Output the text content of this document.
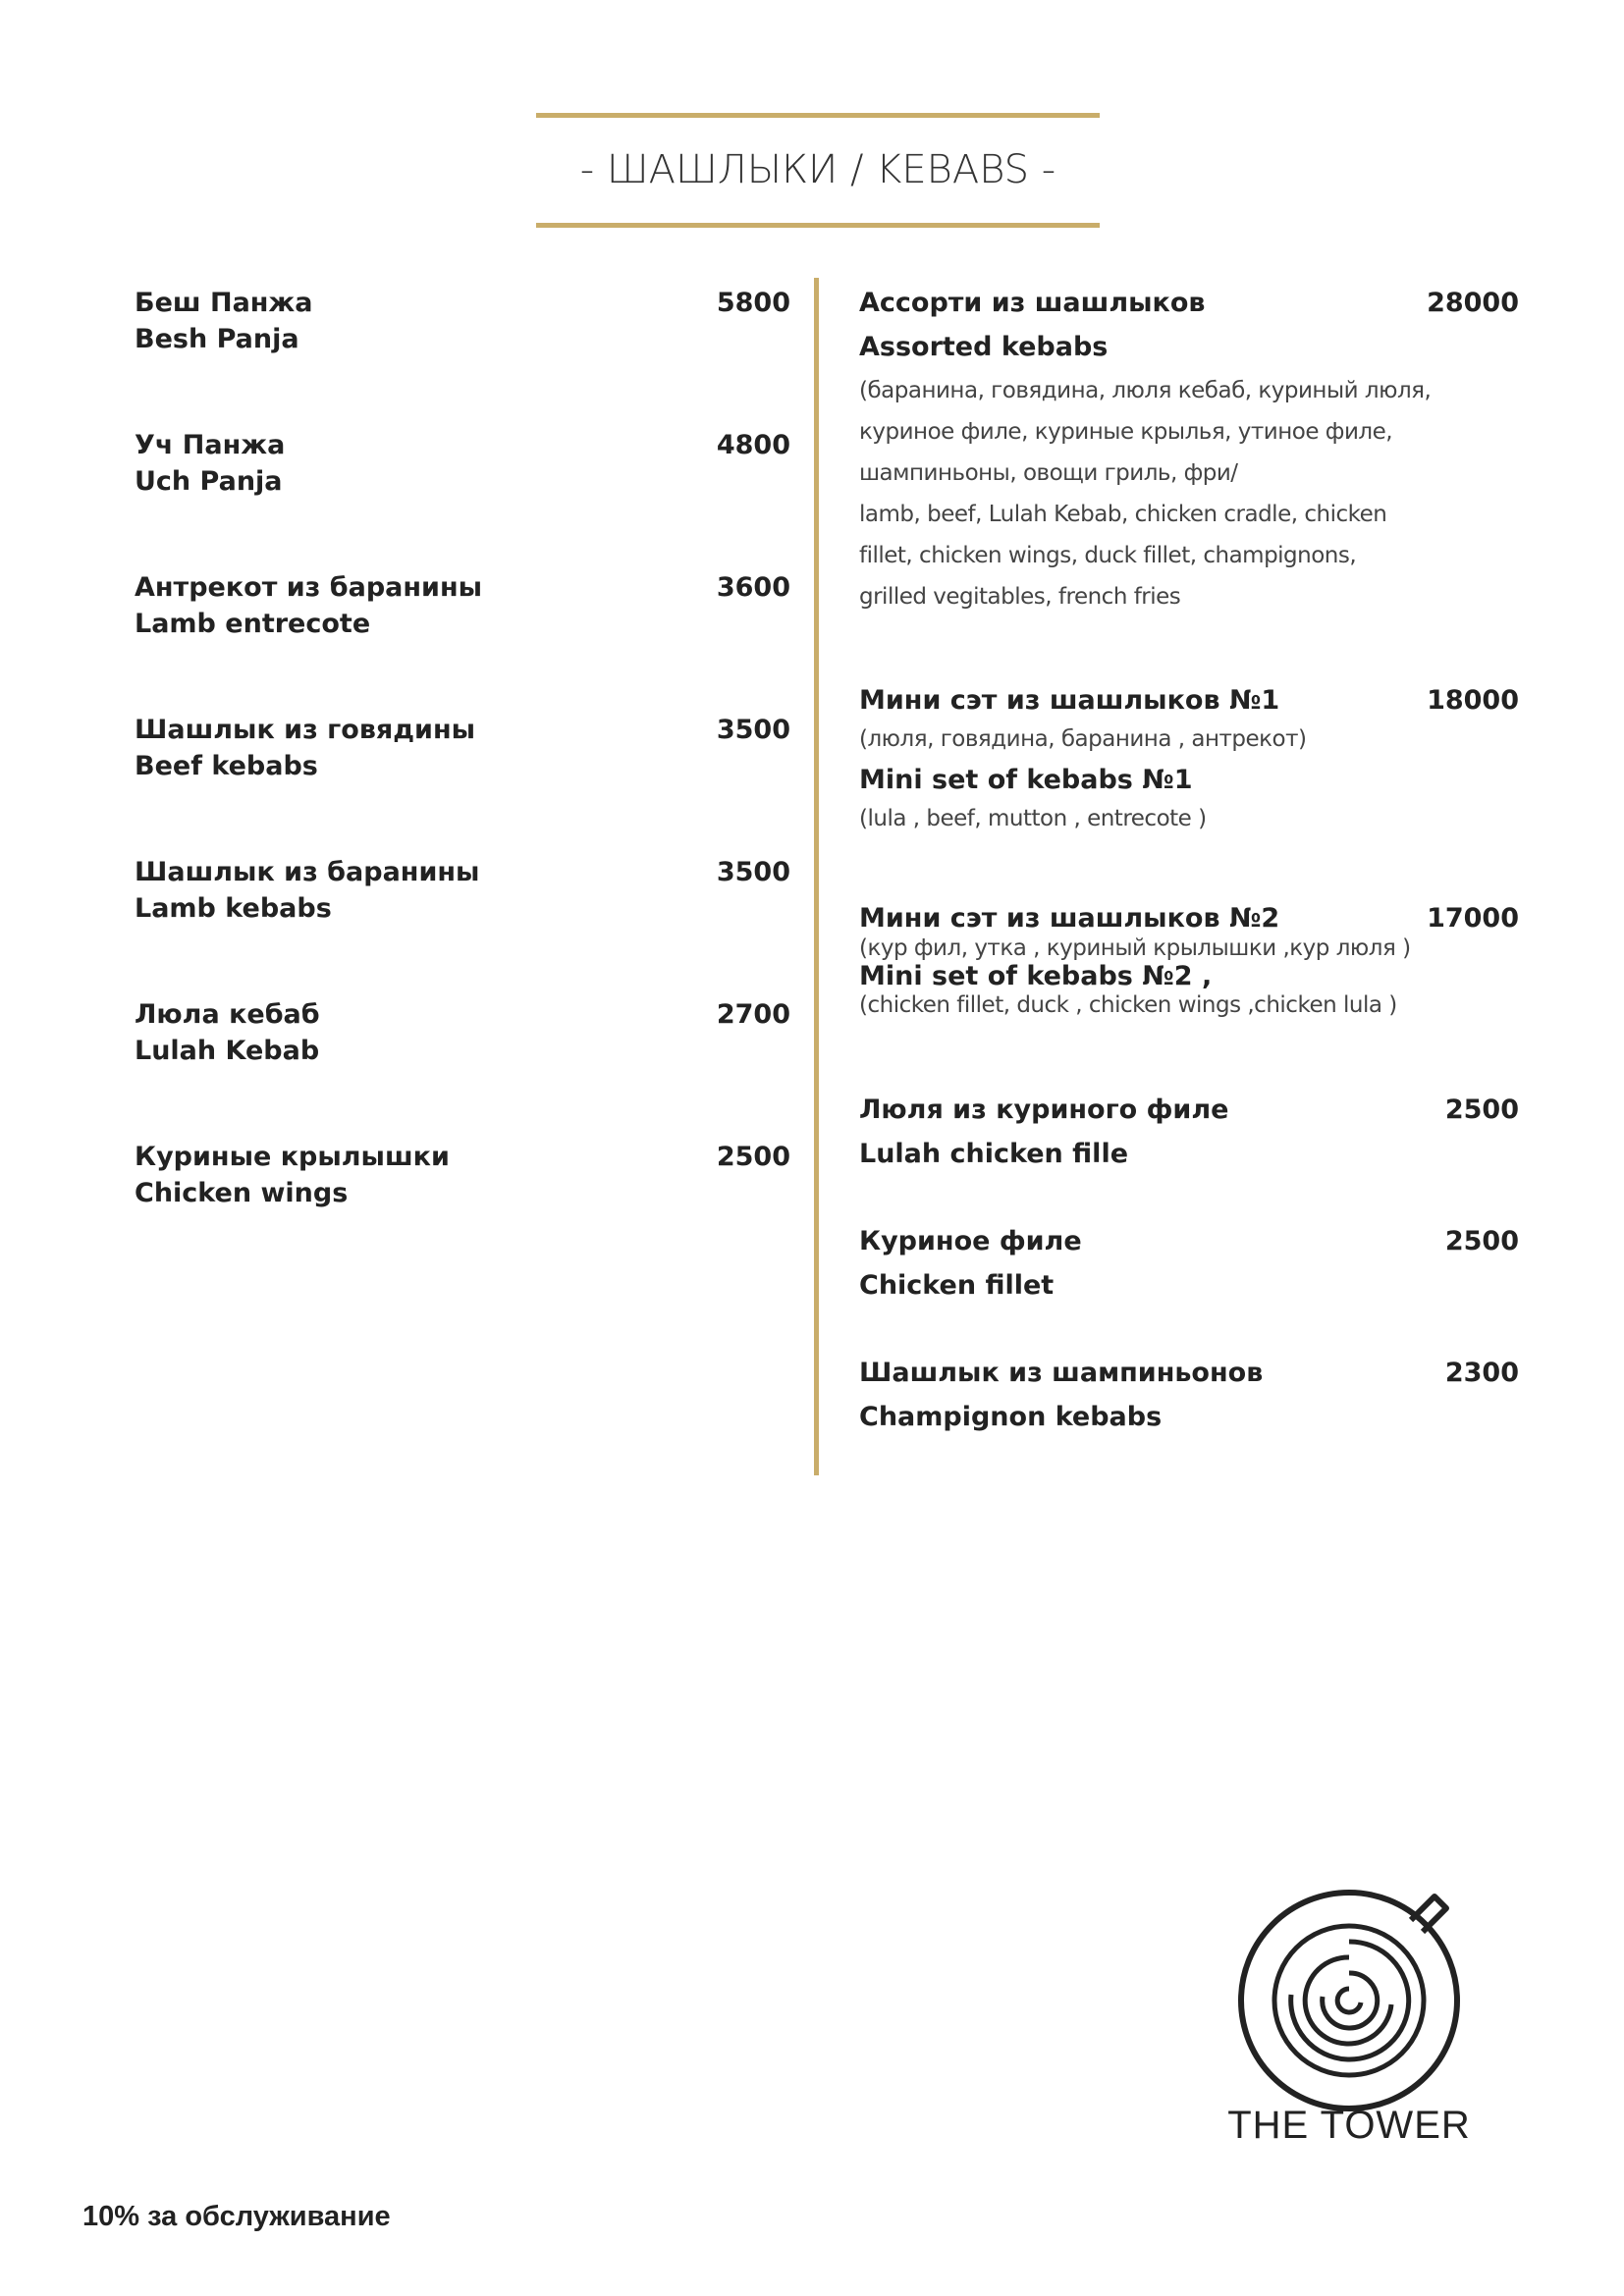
- ШАШЛЫКИ / KEBABS -
Беш Панжа
Besh Panja
5800
Уч Панжа
Uch Panja
4800
Антрекот из баранины
Lamb entrecote
3600
Шашлык из говядины
Beef kebabs
3500
Шашлык из баранины
Lamb kebabs
3500
Люла кебаб
Lulah Kebab
2700
Куриные крылышки
Chicken wings
2500
Ассорти из шашлыков
Assorted kebabs
(баранина, говядина, люля кебаб, куриный люля,
куриное филе, куриные крылья, утиное филе,
шампиньоны, овощи гриль, фри/
lamb, beef, Lulah Kebab, chicken cradle, chicken
fillet, chicken wings, duck fillet, champignons,
grilled vegitables, french fries
28000
Мини сэт из шашлыков №1
(люля, говядина, баранина , антрекот)
Mini set of kebabs №1
(lula , beef, mutton , entrecote )
18000
Мини сэт из шашлыков №2
(кур фил, утка , куриный крылышки ,кур люля )
Mini set of kebabs №2 ,
(chicken fillet, duck , chicken wings ,chicken lula )
17000
Люля из куриного филе
Lulah chicken fille
2500
Куриное филе
Chicken fillet
2500
Шашлык из шампиньонов
Champignon kebabs
2300
THE TOWER
10% за обслуживание
